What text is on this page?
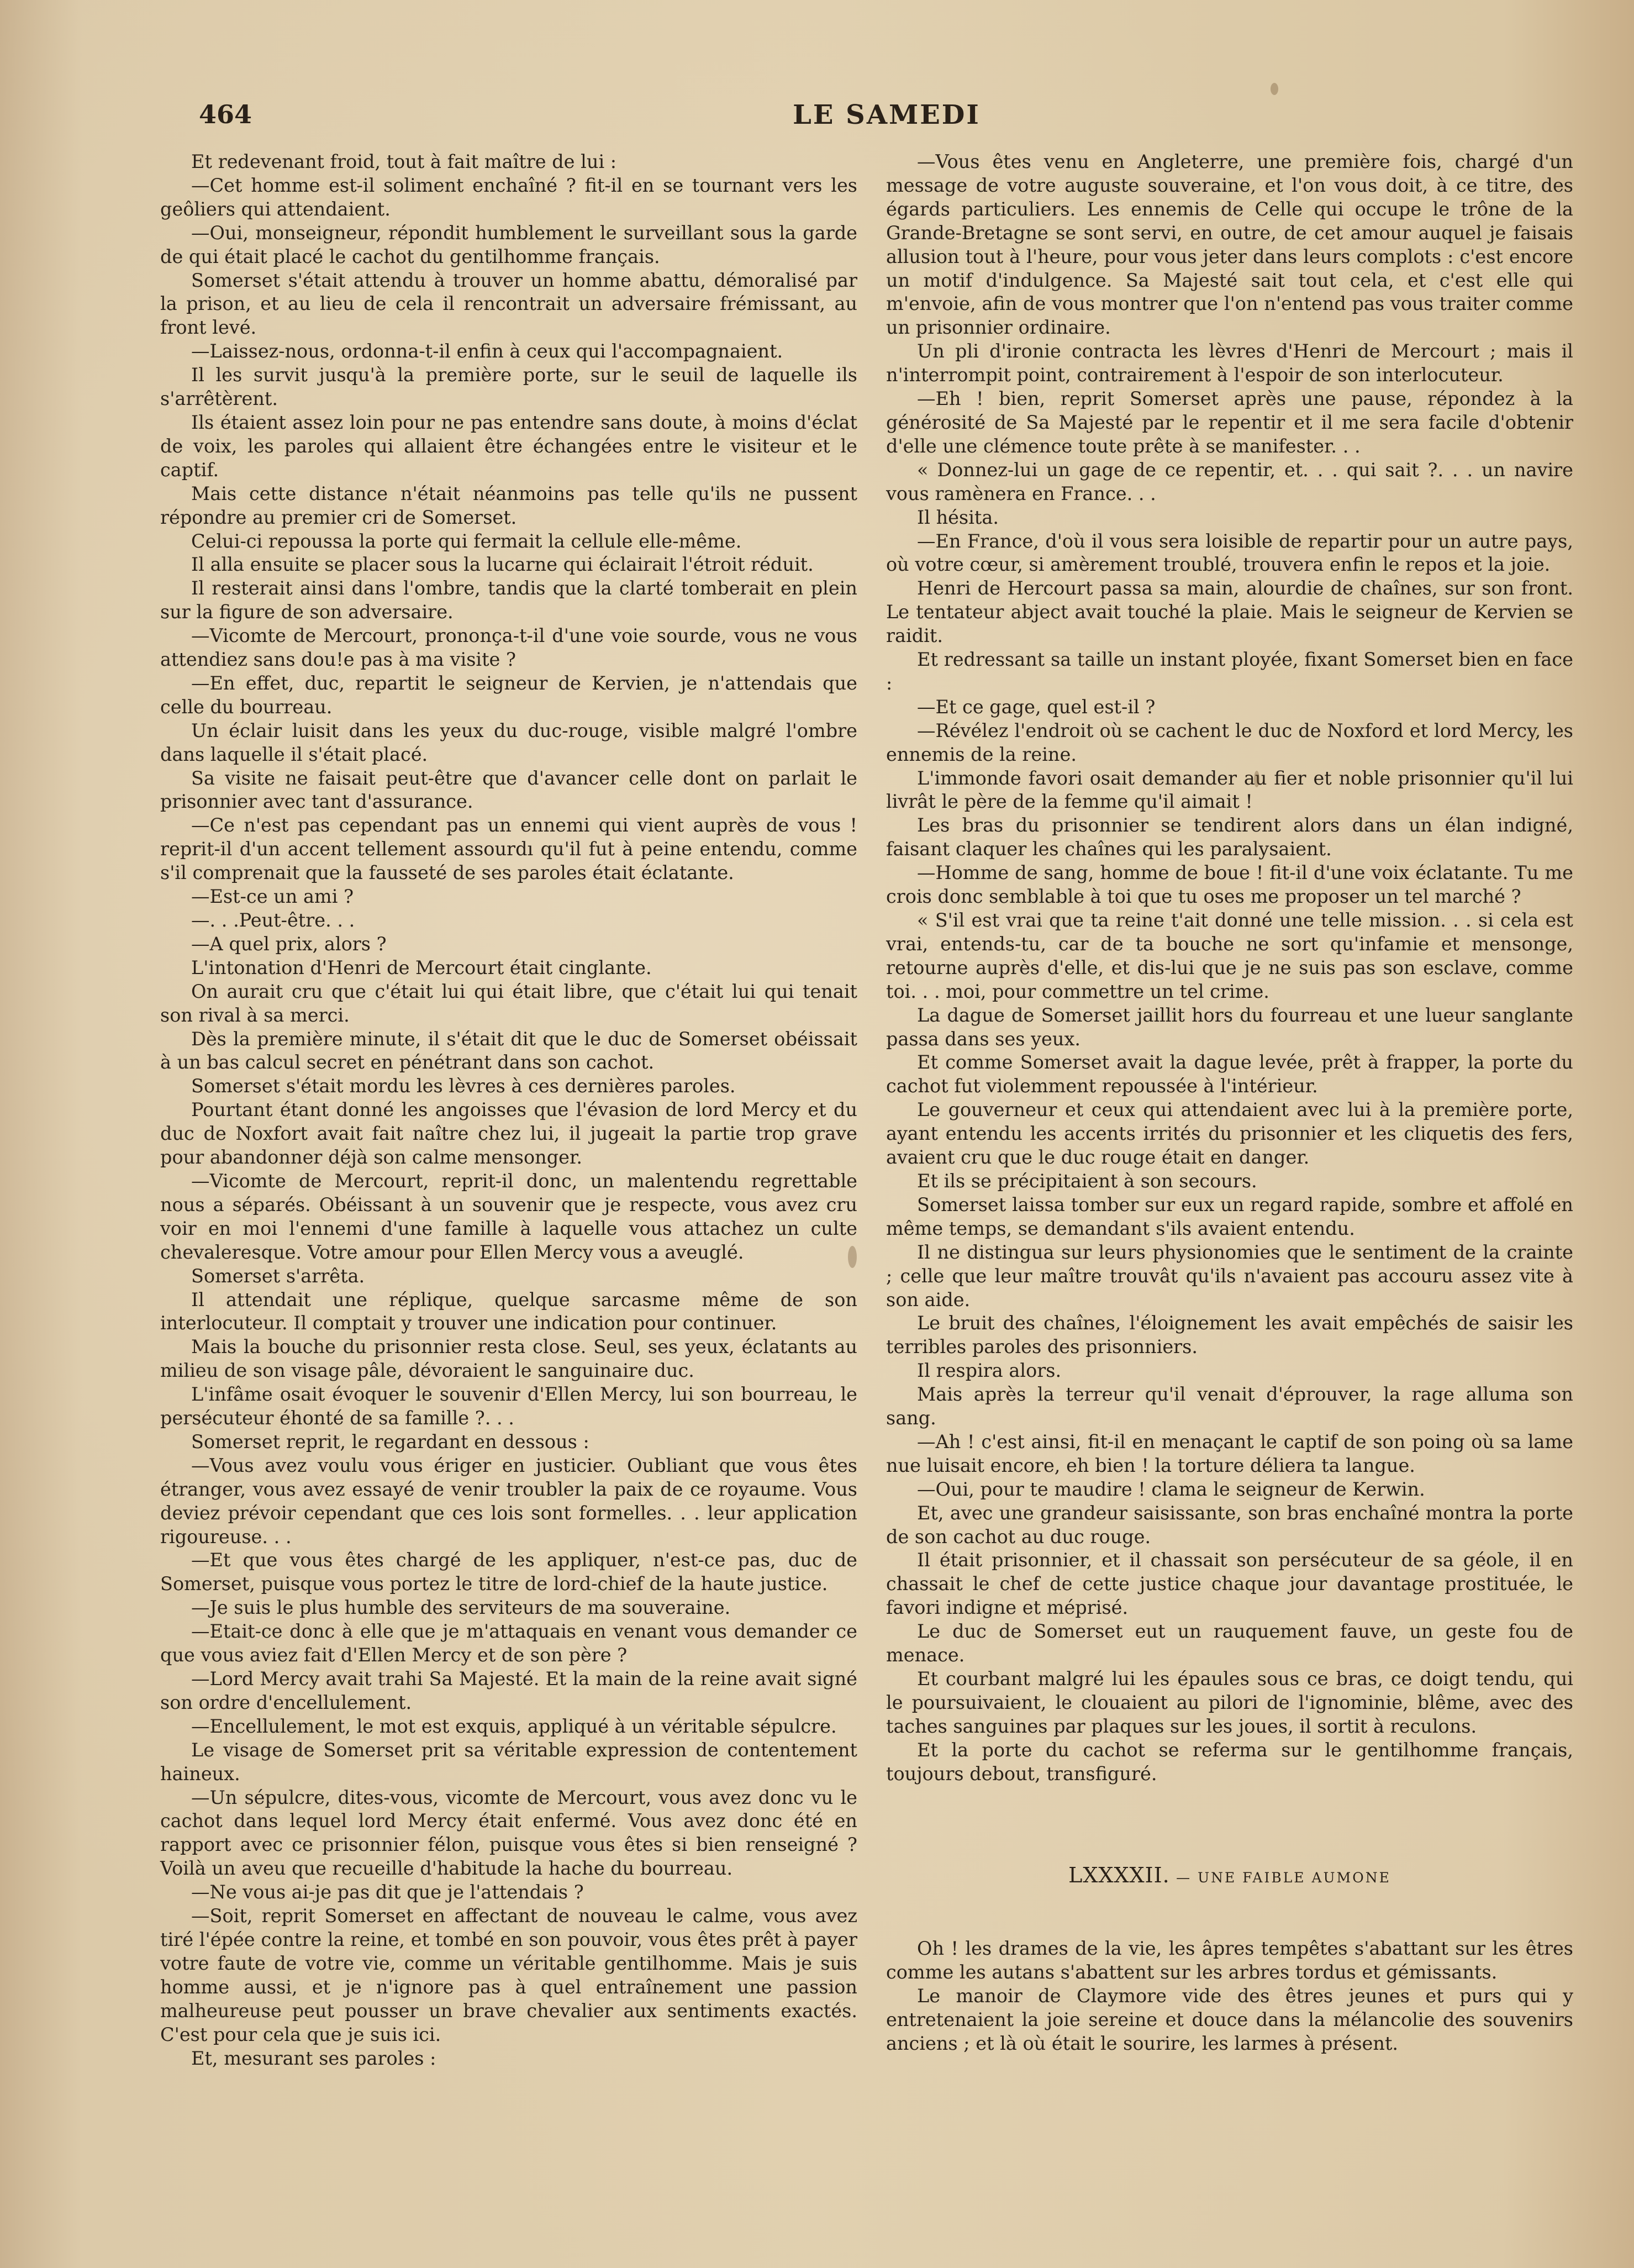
464	LE SAMEDI

Et redevenant froid, tout à fait maître de lui :

—Cet homme est-il soliment enchaîné ? fit-il en se tournant vers les geôliers qui attendaient.

—Oui, monseigneur, répondit humblement le surveillant sous la garde de qui était placé le cachot du gentilhomme français.

Somerset s'était attendu à trouver un homme abattu, démoralisé par la prison, et au lieu de cela il rencontrait un adversaire frémissant, au front levé.

—Laissez-nous, ordonna-t-il enfin à ceux qui l'accompagnaient.

Il les survit jusqu'à la première porte, sur le seuil de laquelle ils s'arrêtèrent.

Ils étaient assez loin pour ne pas entendre sans doute, à moins d'éclat de voix, les paroles qui allaient être échangées entre le visiteur et le captif.

Mais cette distance n'était néanmoins pas telle qu'ils ne pussent répondre au premier cri de Somerset.

Celui-ci repoussa la porte qui fermait la cellule elle-même.

Il alla ensuite se placer sous la lucarne qui éclairait l'étroit réduit.

Il resterait ainsi dans l'ombre, tandis que la clarté tomberait en plein sur la figure de son adversaire.

—Vicomte de Mercourt, prononça-t-il d'une voie sourde, vous ne vous attendiez sans dou!e pas à ma visite ?

—En effet, duc, repartit le seigneur de Kervien, je n'attendais que celle du bourreau.

Un éclair luisit dans les yeux du duc-rouge, visible malgré l'ombre dans laquelle il s'était placé.

Sa visite ne faisait peut-être que d'avancer celle dont on parlait le prisonnier avec tant d'assurance.

—Ce n'est pas cependant pas un ennemi qui vient auprès de vous ! reprit-il d'un accent tellement assourdı qu'il fut à peine entendu, comme s'il comprenait que la fausseté de ses paroles était éclatante.

—Est-ce un ami ?

—. . .Peut-être. . .

—A quel prix, alors ?

L'intonation d'Henri de Mercourt était cinglante.

On aurait cru que c'était lui qui était libre, que c'était lui qui tenait son rival à sa merci.

Dès la première minute, il s'était dit que le duc de Somerset obéissait à un bas calcul secret en pénétrant dans son cachot.

Somerset s'était mordu les lèvres à ces dernières paroles.

Pourtant étant donné les angoisses que l'évasion de lord Mercy et du duc de Noxfort avait fait naître chez lui, il jugeait la partie trop grave pour abandonner déjà son calme mensonger.

—Vicomte de Mercourt, reprit-il donc, un malentendu regrettable nous a séparés. Obéissant à un souvenir que je respecte, vous avez cru voir en moi l'ennemi d'une famille à laquelle vous attachez un culte chevaleresque. Votre amour pour Ellen Mercy vous a aveuglé.

Somerset s'arrêta.

Il attendait une réplique, quelque sarcasme même de son interlocuteur. Il comptait y trouver une indication pour continuer.

Mais la bouche du prisonnier resta close. Seul, ses yeux, éclatants au milieu de son visage pâle, dévoraient le sanguinaire duc.

L'infâme osait évoquer le souvenir d'Ellen Mercy, lui son bourreau, le persécuteur éhonté de sa famille ?. . .

Somerset reprit, le regardant en dessous :

—Vous avez voulu vous ériger en justicier. Oubliant que vous êtes étranger, vous avez essayé de venir troubler la paix de ce royaume. Vous deviez prévoir cependant que ces lois sont formelles. . . leur application rigoureuse. . .

—Et que vous êtes chargé de les appliquer, n'est-ce pas, duc de Somerset, puisque vous portez le titre de lord-chief de la haute justice.

—Je suis le plus humble des serviteurs de ma souveraine.

—Etait-ce donc à elle que je m'attaquais en venant vous demander ce que vous aviez fait d'Ellen Mercy et de son père ?

—Lord Mercy avait trahi Sa Majesté. Et la main de la reine avait signé son ordre d'encellulement.

—Encellulement, le mot est exquis, appliqué à un véritable sépulcre.

Le visage de Somerset prit sa véritable expression de contentement haineux.

—Un sépulcre, dites-vous, vicomte de Mercourt, vous avez donc vu le cachot dans lequel lord Mercy était enfermé. Vous avez donc été en rapport avec ce prisonnier félon, puisque vous êtes si bien renseigné ? Voilà un aveu que recueille d'habitude la hache du bourreau.

—Ne vous ai-je pas dit que je l'attendais ?

—Soit, reprit Somerset en affectant de nouveau le calme, vous avez tiré l'épée contre la reine, et tombé en son pouvoir, vous êtes prêt à payer votre faute de votre vie, comme un véritable gentilhomme. Mais je suis homme aussi, et je n'ignore pas à quel entraînement une passion malheureuse peut pousser un brave chevalier aux sentiments exactés. C'est pour cela que je suis ici.

Et, mesurant ses paroles :

—Vous êtes venu en Angleterre, une première fois, chargé d'un message de votre auguste souveraine, et l'on vous doit, à ce titre, des égards particuliers. Les ennemis de Celle qui occupe le trône de la Grande-Bretagne se sont servi, en outre, de cet amour auquel je faisais allusion tout à l'heure, pour vous jeter dans leurs complots : c'est encore un motif d'indulgence. Sa Majesté sait tout cela, et c'est elle qui m'envoie, afin de vous montrer que l'on n'entend pas vous traiter comme un prisonnier ordinaire.

Un pli d'ironie contracta les lèvres d'Henri de Mercourt ; mais il n'interrompit point, contrairement à l'espoir de son interlocuteur.

—Eh ! bien, reprit Somerset après une pause, répondez à la générosité de Sa Majesté par le repentir et il me sera facile d'obtenir d'elle une clémence toute prête à se manifester. . .

« Donnez-lui un gage de ce repentir, et. . . qui sait ?. . . un navire vous ramènera en France. . .

Il hésita.

—En France, d'où il vous sera loisible de repartir pour un autre pays, où votre cœur, si amèrement troublé, trouvera enfin le repos et la joie.

Henri de Hercourt passa sa main, alourdie de chaînes, sur son front. Le tentateur abject avait touché la plaie. Mais le seigneur de Kervien se raidit.

Et redressant sa taille un instant ployée, fixant Somerset bien en face :

—Et ce gage, quel est-il ?

—Révélez l'endroit où se cachent le duc de Noxford et lord Mercy, les ennemis de la reine.

L'immonde favori osait demander au fier et noble prisonnier qu'il lui livrât le père de la femme qu'il aimait !

Les bras du prisonnier se tendirent alors dans un élan indigné, faisant claquer les chaînes qui les paralysaient.

—Homme de sang, homme de boue ! fit-il d'une voix éclatante. Tu me crois donc semblable à toi que tu oses me proposer un tel marché ?

« S'il est vrai que ta reine t'ait donné une telle mission. . . si cela est vrai, entends-tu, car de ta bouche ne sort qu'infamie et mensonge, retourne auprès d'elle, et dis-lui que je ne suis pas son esclave, comme toi. . . moi, pour commettre un tel crime.

La dague de Somerset jaillit hors du fourreau et une lueur sanglante passa dans ses yeux.

Et comme Somerset avait la dague levée, prêt à frapper, la porte du cachot fut violemment repoussée à l'intérieur.

Le gouverneur et ceux qui attendaient avec lui à la première porte, ayant entendu les accents irrités du prisonnier et les cliquetis des fers, avaient cru que le duc rouge était en danger.

Et ils se précipitaient à son secours.

Somerset laissa tomber sur eux un regard rapide, sombre et affolé en même temps, se demandant s'ils avaient entendu.

Il ne distingua sur leurs physionomies que le sentiment de la crainte ; celle que leur maître trouvât qu'ils n'avaient pas accouru assez vite à son aide.

Le bruit des chaînes, l'éloignement les avait empêchés de saisir les terribles paroles des prisonniers.

Il respira alors.

Mais après la terreur qu'il venait d'éprouver, la rage alluma son sang.

—Ah ! c'est ainsi, fit-il en menaçant le captif de son poing où sa lame nue luisait encore, eh bien ! la torture déliera ta langue.

—Oui, pour te maudire ! clama le seigneur de Kerwin.

Et, avec une grandeur saisissante, son bras enchaîné montra la porte de son cachot au duc rouge.

Il était prisonnier, et il chassait son persécuteur de sa géole, il en chassait le chef de cette justice chaque jour davantage prostituée, le favori indigne et méprisé.

Le duc de Somerset eut un rauquement fauve, un geste fou de menace.

Et courbant malgré lui les épaules sous ce bras, ce doigt tendu, qui le poursuivaient, le clouaient au pilori de l'ignominie, blême, avec des taches sanguines par plaques sur les joues, il sortit à reculons.

Et la porte du cachot se referma sur le gentilhomme français, toujours debout, transfiguré.

LXXXXII. — UNE FAIBLE AUMONE

Oh ! les drames de la vie, les âpres tempêtes s'abattant sur les êtres comme les autans s'abattent sur les arbres tordus et gémissants.

Le manoir de Claymore vide des êtres jeunes et purs qui y entretenaient la joie sereine et douce dans la mélancolie des souvenirs anciens ; et là où était le sourire, les larmes à présent.
